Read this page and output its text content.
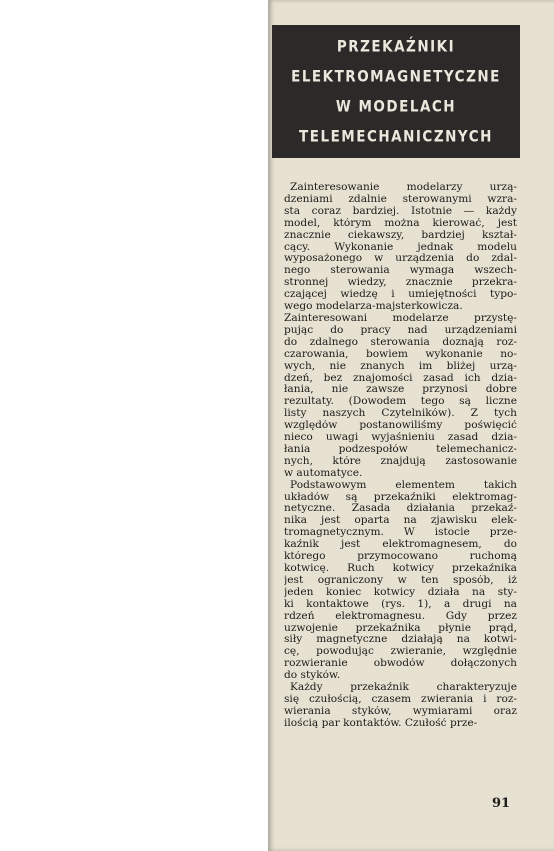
PRZEKAŹNIKI
ELEKTROMAGNETYCZNE
W MODELACH
TELEMECHANICZNYCH
Zainteresowanie modelarzy urzą-
dzeniami zdalnie sterowanymi wzra-
sta coraz bardziej. Istotnie — każdy
model, którym można kierować, jest
znacznie ciekawszy, bardziej kształ-
cący. Wykonanie jednak modelu
wyposażonego w urządzenia do zdal-
nego sterowania wymaga wszech-
stronnej wiedzy, znacznie przekra-
czającej wiedzę i umiejętności typo-
wego modelarza-majsterkowicza.
Zainteresowani modelarze przystę-
pując do pracy nad urządzeniami
do zdalnego sterowania doznają roz-
czarowania, bowiem wykonanie no-
wych, nie znanych im bliżej urzą-
dzeń, bez znajomości zasad ich dzia-
łania, nie zawsze przynosi dobre
rezultaty. (Dowodem tego są liczne
listy naszych Czytelników). Z tych
względów postanowiliśmy poświęcić
nieco uwagi wyjaśnieniu zasad dzia-
łania podzespołów telemechanicz-
nych, które znajdują zastosowanie
w automatyce.
Podstawowym elementem takich
układów są przekaźniki elektromag-
netyczne. Zasada działania przekaź-
nika jest oparta na zjawisku elek-
tromagnetycznym. W istocie prze-
kaźnik jest elektromagnesem, do
którego przymocowano ruchomą
kotwicę. Ruch kotwicy przekaźnika
jest ograniczony w ten sposób, iż
jeden koniec kotwicy działa na sty-
ki kontaktowe (rys. 1), a drugi na
rdzeń elektromagnesu. Gdy przez
uzwojenie przekaźnika płynie prąd,
siły magnetyczne działają na kotwi-
cę, powodując zwieranie, względnie
rozwieranie obwodów dołączonych
do styków.
Każdy przekaźnik charakteryzuje
się czułością, czasem zwierania i roz-
wierania styków, wymiarami oraz
ilością par kontaktów. Czułość prze-
91
